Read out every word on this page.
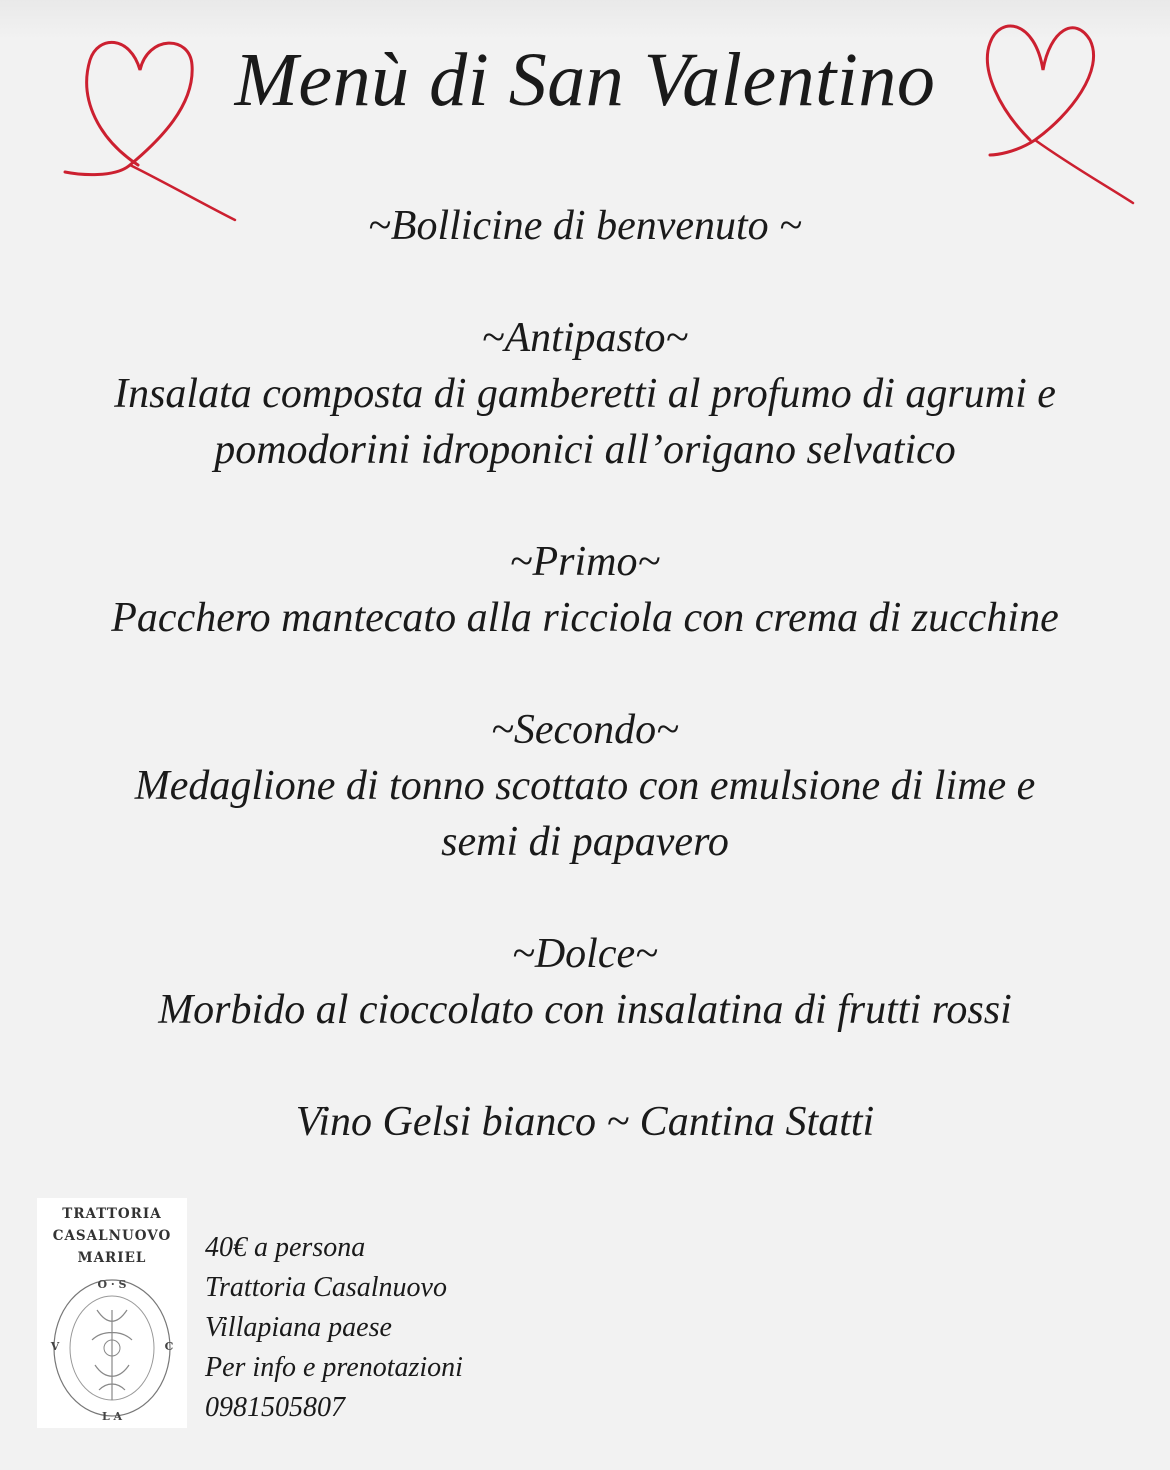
Menù di San Valentino
~Bollicine di benvenuto ~
~Antipasto~
Insalata composta di gamberetti al profumo di agrumi e
pomodorini idroponici all’origano selvatico
~Primo~
Pacchero mantecato alla ricciola con crema di zucchine
~Secondo~
Medaglione di tonno scottato con emulsione di lime e
semi di papavero
~Dolce~
Morbido al cioccolato con insalatina di frutti rossi
Vino Gelsi bianco ~ Cantina Statti
TRATTORIA
CASALNUOVO
MARIEL
O · S
V	C
L A
40€ a persona
Trattoria Casalnuovo
Villapiana paese
Per info e prenotazioni
0981505807
